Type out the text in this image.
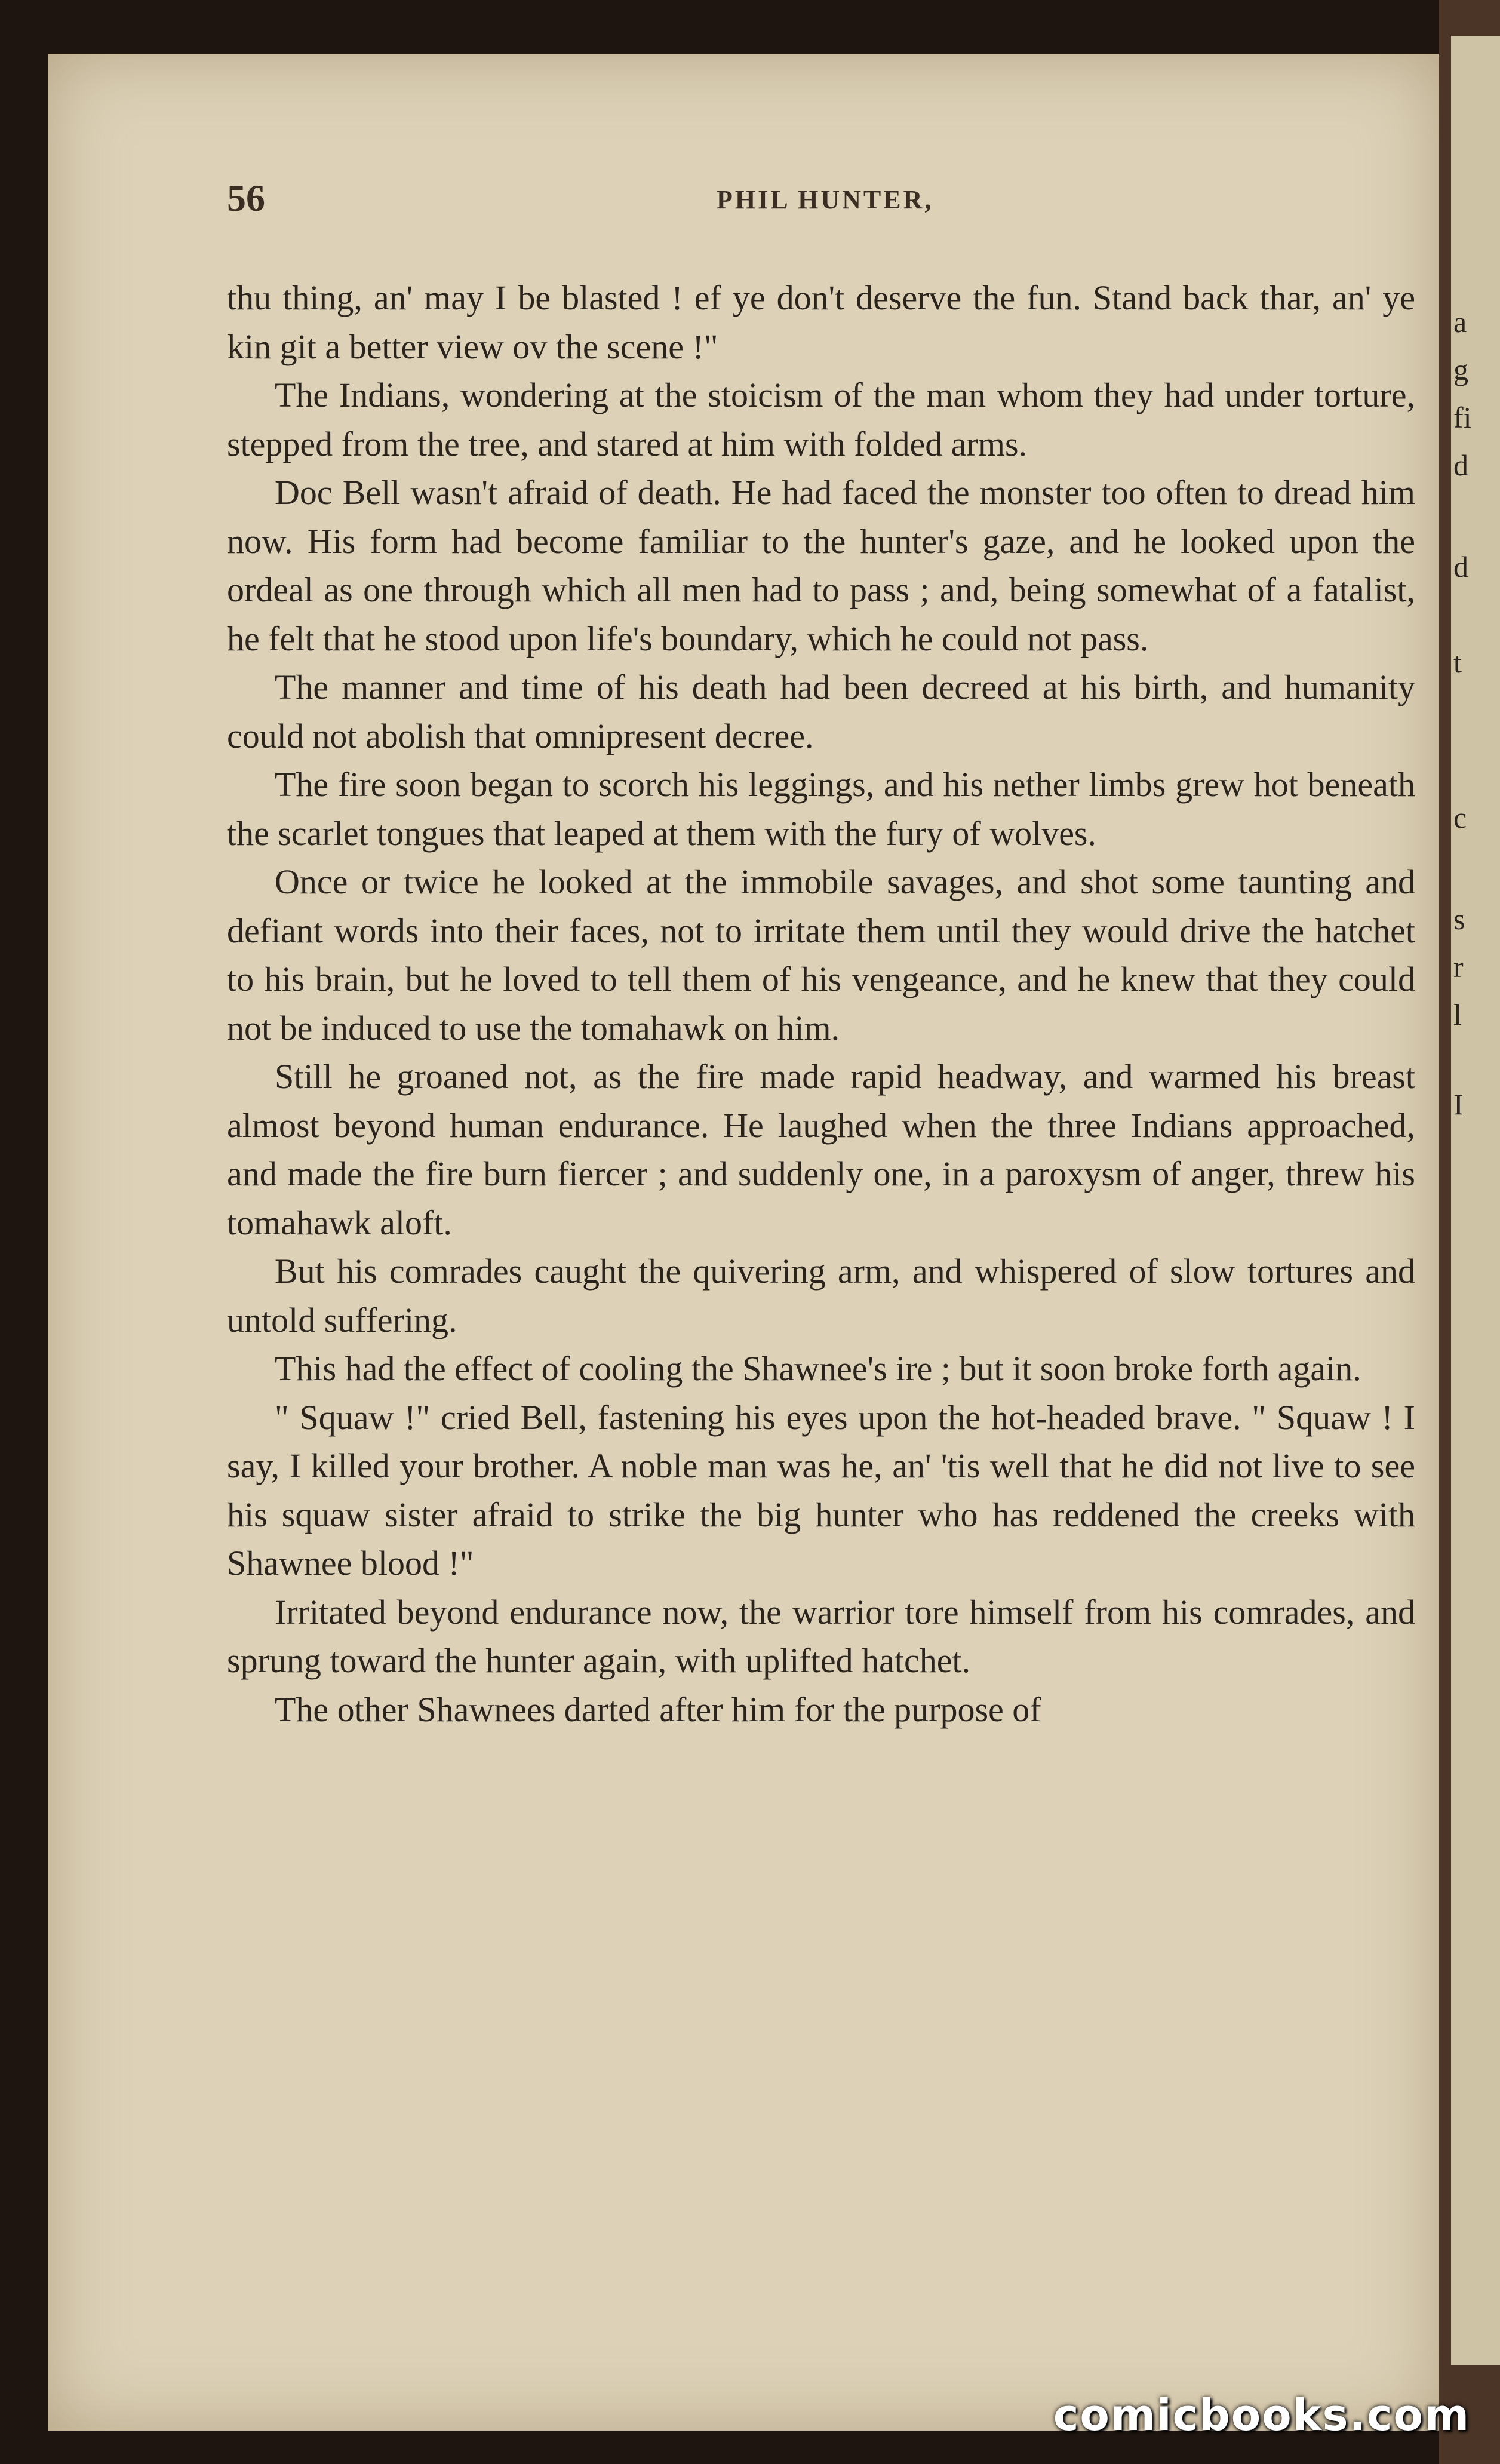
56	PHIL HUNTER,

thu thing, an' may I be blasted ! ef ye don't deserve the fun. Stand back thar, an' ye kin git a better view ov the scene !"

The Indians, wondering at the stoicism of the man whom they had under torture, stepped from the tree, and stared at him with folded arms.

Doc Bell wasn't afraid of death. He had faced the monster too often to dread him now. His form had become familiar to the hunter's gaze, and he looked upon the ordeal as one through which all men had to pass ; and, being somewhat of a fatalist, he felt that he stood upon life's boundary, which he could not pass.

The manner and time of his death had been decreed at his birth, and humanity could not abolish that omnipresent decree.

The fire soon began to scorch his leggings, and his nether limbs grew hot beneath the scarlet tongues that leaped at them with the fury of wolves.

Once or twice he looked at the immobile savages, and shot some taunting and defiant words into their faces, not to irritate them until they would drive the hatchet to his brain, but he loved to tell them of his vengeance, and he knew that they could not be induced to use the tomahawk on him.

Still he groaned not, as the fire made rapid headway, and warmed his breast almost beyond human endurance. He laughed when the three Indians approached, and made the fire burn fiercer ; and suddenly one, in a paroxysm of anger, threw his tomahawk aloft.

But his comrades caught the quivering arm, and whispered of slow tortures and untold suffering.

This had the effect of cooling the Shawnee's ire ; but it soon broke forth again.

" Squaw !" cried Bell, fastening his eyes upon the hot-headed brave. " Squaw ! I say, I killed your brother. A noble man was he, an' 'tis well that he did not live to see his squaw sister afraid to strike the big hunter who has reddened the creeks with Shawnee blood !"

Irritated beyond endurance now, the warrior tore himself from his comrades, and sprung toward the hunter again, with uplifted hatchet.

The other Shawnees darted after him for the purpose of

a
g
fi
d
d
t
c
s
r
l
I
comicbooks.com
